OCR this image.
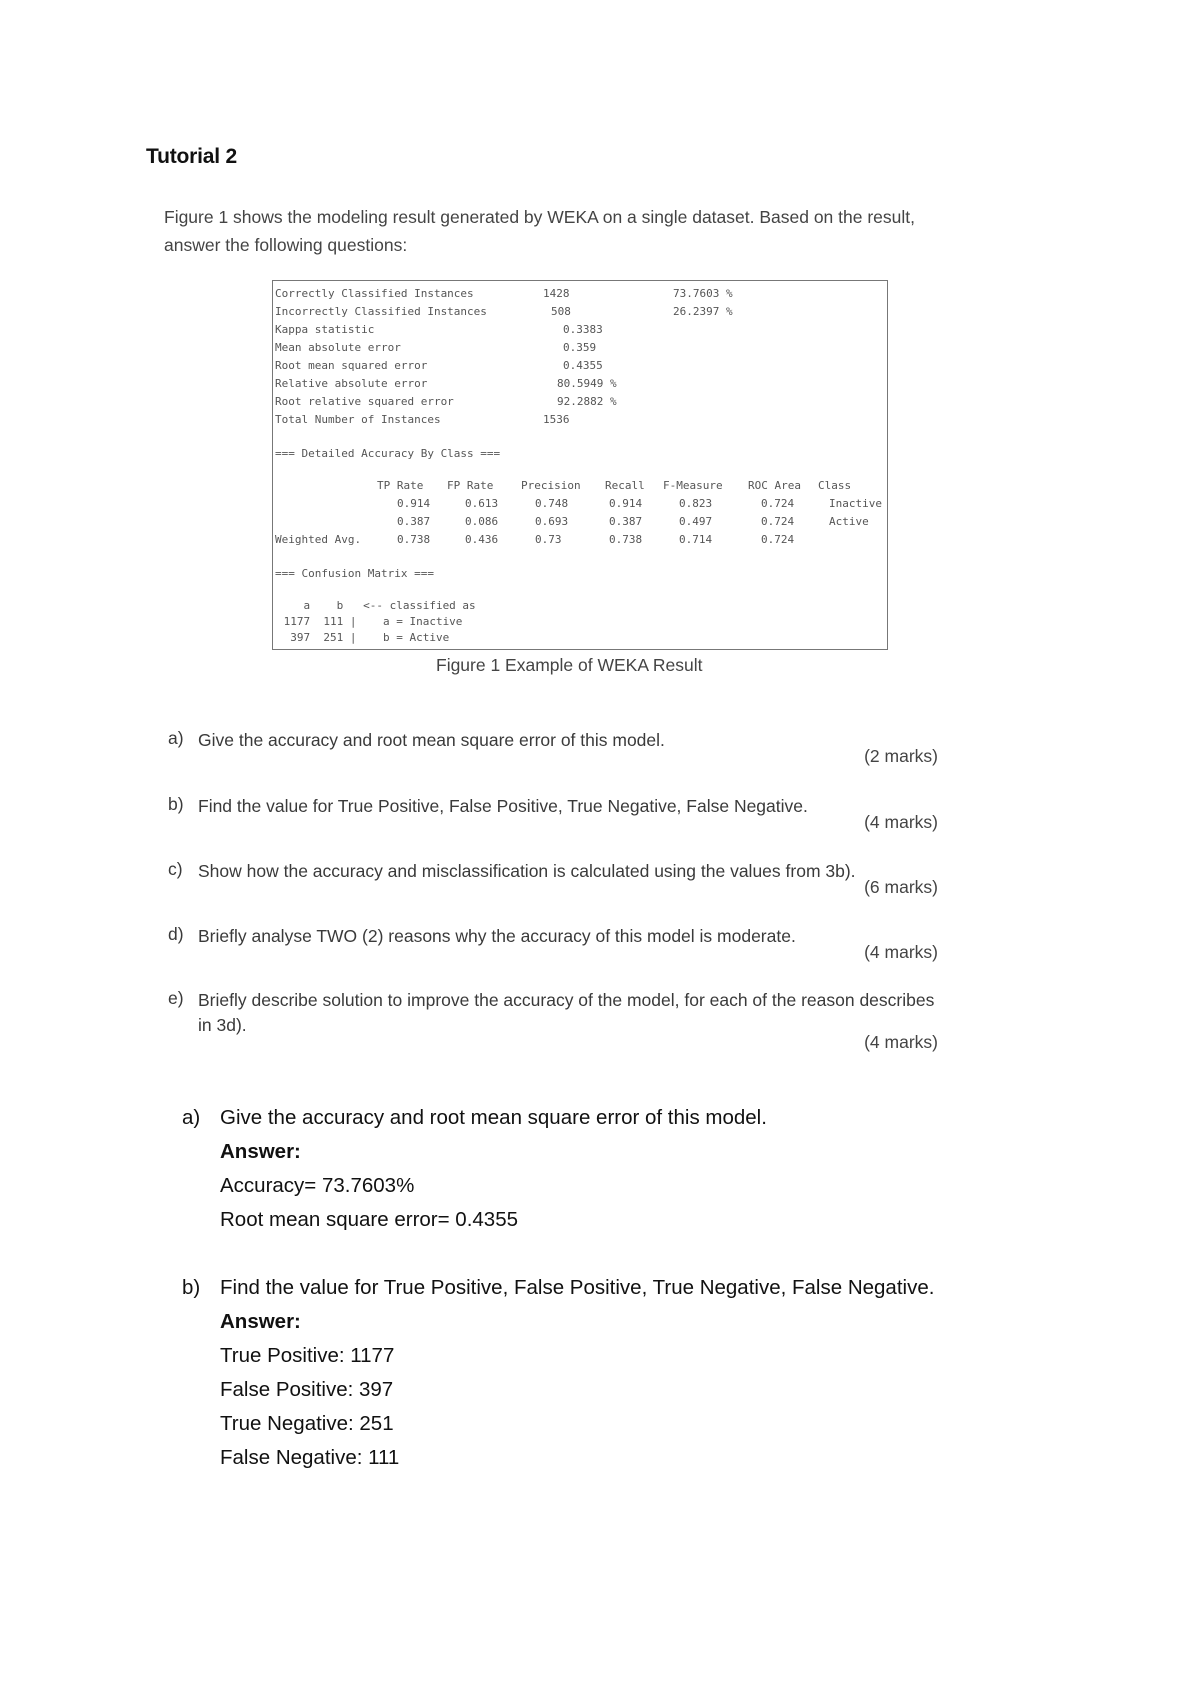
Tutorial 2
Figure 1 shows the modeling result generated by WEKA on a single dataset. Based on the result, answer the following questions:
Correctly Classified Instances	1428	73.7603 %
Incorrectly Classified Instances	508	26.2397 %
Kappa statistic	0.3383
Mean absolute error	0.359
Root mean squared error	0.4355
Relative absolute error	80.5949 %
Root relative squared error	92.2882 %
Total Number of Instances	1536
=== Detailed Accuracy By Class ===
TP Rate FP Rate	Precision Recall F-Measure ROC Area Class
0.914	0.613	0.748	0.914	0.823	0.724	Inactive
0.387	0.086	0.693	0.387	0.497	0.724	Active
Weighted Avg.	0.738	0.436	0.73	0.738	0.714	0.724
=== Confusion Matrix ===
a    b   <-- classified as
1177  111 |    a = Inactive
397  251 |    b = Active
Figure 1 Example of WEKA Result
a) Give the accuracy and root mean square error of this model.
(2 marks)
b) Find the value for True Positive, False Positive, True Negative, False Negative.
(4 marks)
c) Show how the accuracy and misclassification is calculated using the values from 3b).
(6 marks)
d) Briefly analyse TWO (2) reasons why the accuracy of this model is moderate.
(4 marks)
e) Briefly describe solution to improve the accuracy of the model, for each of the reason describes in 3d).
(4 marks)
a) Give the accuracy and root mean square error of this model.
Answer:
Accuracy= 73.7603%
Root mean square error= 0.4355
b) Find the value for True Positive, False Positive, True Negative, False Negative.
Answer:
True Positive: 1177
False Positive: 397
True Negative: 251
False Negative: 111
